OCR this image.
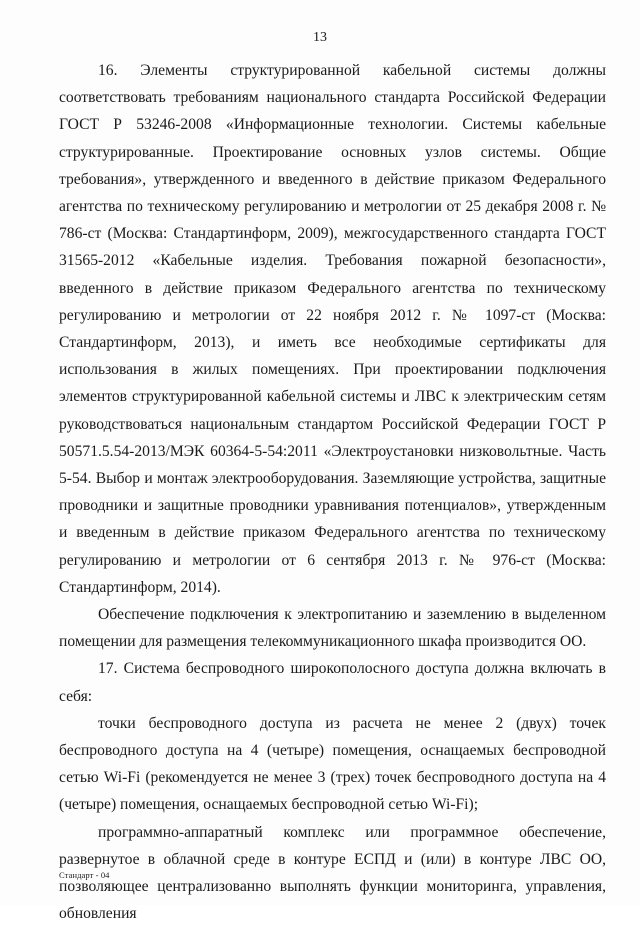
13

16. Элементы структурированной кабельной системы должны соответствовать требованиям национального стандарта Российской Федерации ГОСТ Р 53246-2008 «Информационные технологии. Системы кабельные структурированные. Проектирование основных узлов системы. Общие требования», утвержденного и введенного в действие приказом Федерального агентства по техническому регулированию и метрологии от 25 декабря 2008 г. № 786-ст (Москва: Стандартинформ, 2009), межгосударственного стандарта ГОСТ 31565-2012 «Кабельные изделия. Требования пожарной безопасности», введенного в действие приказом Федерального агентства по техническому регулированию и метрологии от 22 ноября 2012 г. № 1097-ст (Москва: Стандартинформ, 2013), и иметь все необходимые сертификаты для использования в жилых помещениях. При проектировании подключения элементов структурированной кабельной системы и ЛВС к электрическим сетям руководствоваться национальным стандартом Российской Федерации ГОСТ Р 50571.5.54-2013/МЭК 60364-5-54:2011 «Электроустановки низковольтные. Часть 5-54. Выбор и монтаж электрооборудования. Заземляющие устройства, защитные проводники и защитные проводники уравнивания потенциалов», утвержденным и введенным в действие приказом Федерального агентства по техническому регулированию и метрологии от 6 сентября 2013 г. № 976-ст (Москва: Стандартинформ, 2014).

Обеспечение подключения к электропитанию и заземлению в выделенном помещении для размещения телекоммуникационного шкафа производится ОО.

17. Система беспроводного широкополосного доступа должна включать в себя:

точки беспроводного доступа из расчета не менее 2 (двух) точек беспроводного доступа на 4 (четыре) помещения, оснащаемых беспроводной сетью Wi-Fi (рекомендуется не менее 3 (трех) точек беспроводного доступа на 4 (четыре) помещения, оснащаемых беспроводной сетью Wi-Fi);

программно-аппаратный комплекс или программное обеспечение, развернутое в облачной среде в контуре ЕСПД и (или) в контуре ЛВС ОО, позволяющее централизованно выполнять функции мониторинга, управления, обновления

Стандарт - 04
